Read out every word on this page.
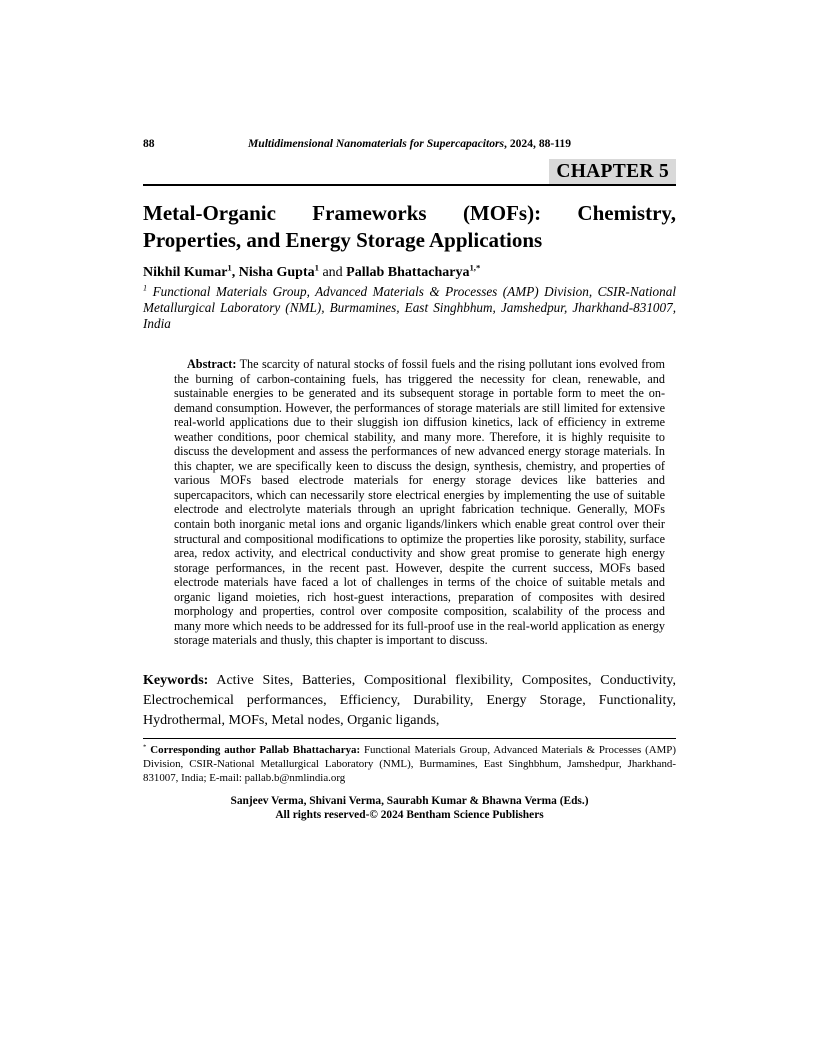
88	Multidimensional Nanomaterials for Supercapacitors, 2024, 88-119
CHAPTER 5
Metal-Organic Frameworks (MOFs): Chemistry, Properties, and Energy Storage Applications
Nikhil Kumar$^1$, Nisha Gupta$^1$ and Pallab Bhattacharya$^{1,*}$
$^1$ Functional Materials Group, Advanced Materials & Processes (AMP) Division, CSIR-National Metallurgical Laboratory (NML), Burmamines, East Singhbhum, Jamshedpur, Jharkhand-831007, India

Abstract: The scarcity of natural stocks of fossil fuels and the rising pollutant ions evolved from the burning of carbon-containing fuels, has triggered the necessity for clean, renewable, and sustainable energies to be generated and its subsequent storage in portable form to meet the on-demand consumption. However, the performances of storage materials are still limited for extensive real-world applications due to their sluggish ion diffusion kinetics, lack of efficiency in extreme weather conditions, poor chemical stability, and many more. Therefore, it is highly requisite to discuss the development and assess the performances of new advanced energy storage materials. In this chapter, we are specifically keen to discuss the design, synthesis, chemistry, and properties of various MOFs based electrode materials for energy storage devices like batteries and supercapacitors, which can necessarily store electrical energies by implementing the use of suitable electrode and electrolyte materials through an upright fabrication technique. Generally, MOFs contain both inorganic metal ions and organic ligands/linkers which enable great control over their structural and compositional modifications to optimize the properties like porosity, stability, surface area, redox activity, and electrical conductivity and show great promise to generate high energy storage performances, in the recent past. However, despite the current success, MOFs based electrode materials have faced a lot of challenges in terms of the choice of suitable metals and organic ligand moieties, rich host-guest interactions, preparation of composites with desired morphology and properties, control over composite composition, scalability of the process and many more which needs to be addressed for its full-proof use in the real-world application as energy storage materials and thusly, this chapter is important to discuss.

Keywords: Active Sites, Batteries, Compositional flexibility, Composites, Conductivity, Electrochemical performances, Efficiency, Durability, Energy Storage, Functionality, Hydrothermal, MOFs, Metal nodes, Organic ligands,

* Corresponding author Pallab Bhattacharya: Functional Materials Group, Advanced Materials & Processes (AMP) Division, CSIR-National Metallurgical Laboratory (NML), Burmamines, East Singhbhum, Jamshedpur, Jharkhand-831007, India; E-mail: pallab.b@nmlindia.org
Sanjeev Verma, Shivani Verma, Saurabh Kumar & Bhawna Verma (Eds.)
All rights reserved-© 2024 Bentham Science Publishers
